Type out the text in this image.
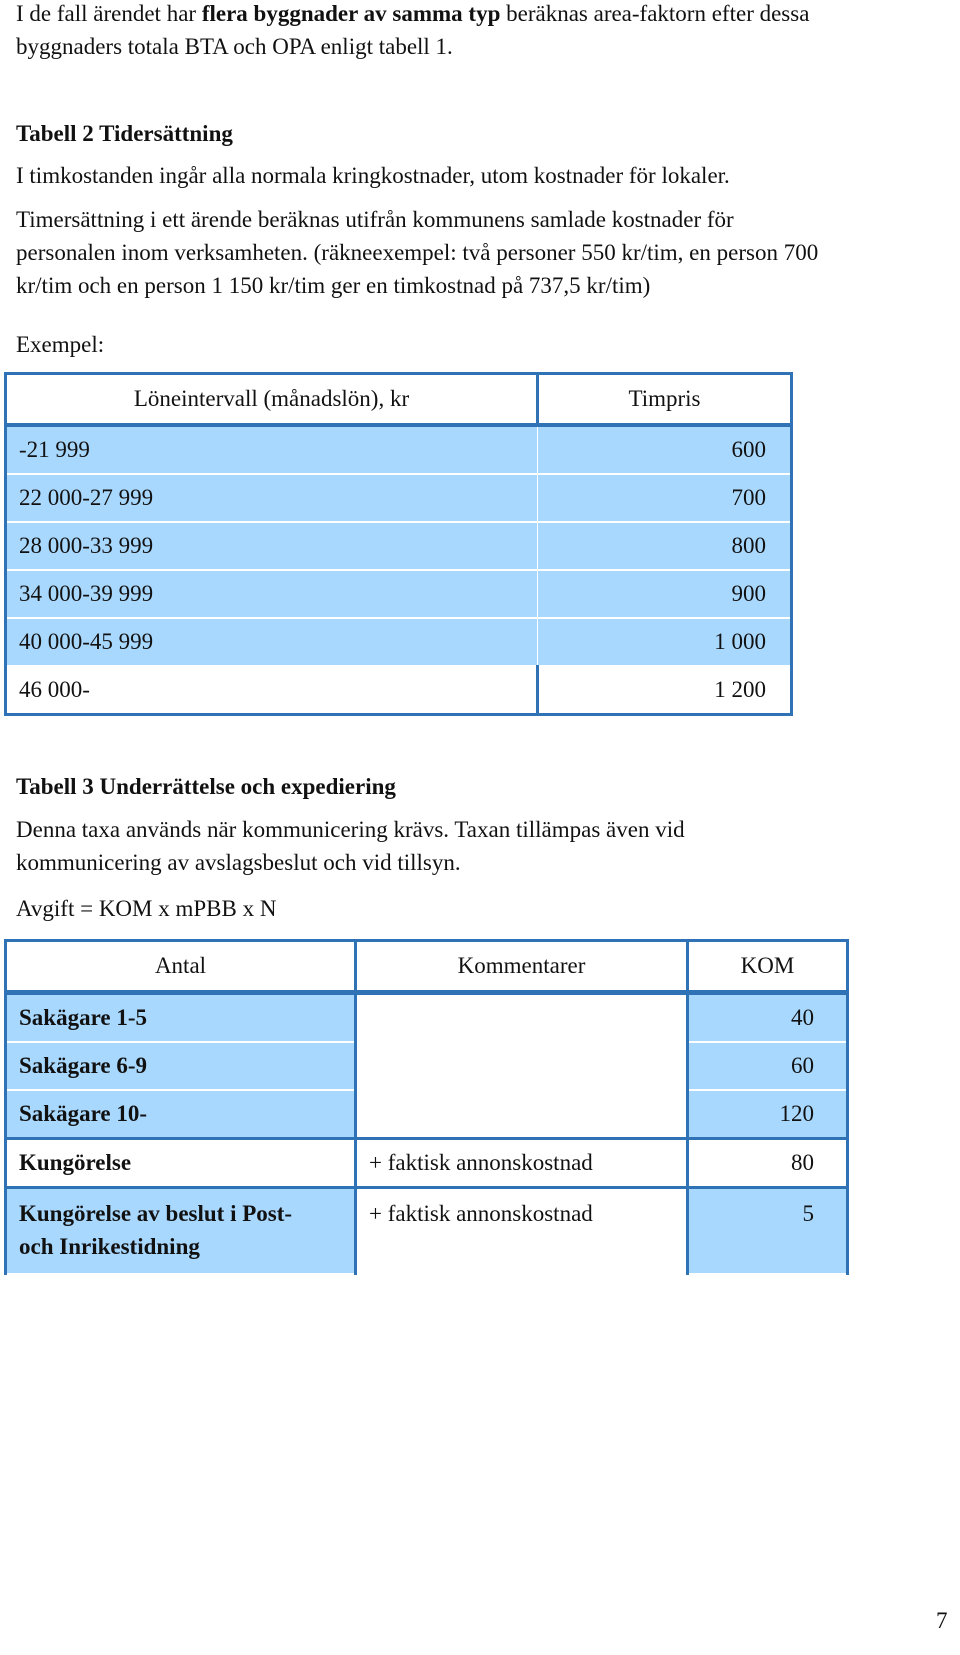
I de fall ärendet har flera byggnader av samma typ beräknas area-faktorn efter dessa
byggnaders totala BTA och OPA enligt tabell 1.

Tabell 2 Tidersättning

I timkostanden ingår alla normala kringkostnader, utom kostnader för lokaler.

Timersättning i ett ärende beräknas utifrån kommunens samlade kostnader för
personalen inom verksamheten. (räkneexempel: två personer 550 kr/tim, en person 700
kr/tim och en person 1 150 kr/tim ger en timkostnad på 737,5 kr/tim)

Exempel:

Löneintervall (månadslön), kr	Timpris
-21 999	600
22 000-27 999	700
28 000-33 999	800
34 000-39 999	900
40 000-45 999	1 000
46 000-	1 200

Tabell 3 Underrättelse och expediering

Denna taxa används när kommunicering krävs. Taxan tillämpas även vid
kommunicering av avslagsbeslut och vid tillsyn.

Avgift = KOM x mPBB x N

Antal	Kommentarer	KOM
Sakägare 1-5		40
Sakägare 6-9		60
Sakägare 10-		120
Kungörelse	+ faktisk annonskostnad	80

Kungörelse av beslut i Post-
och Inrikestidning	+ faktisk annonskostnad	5
7
